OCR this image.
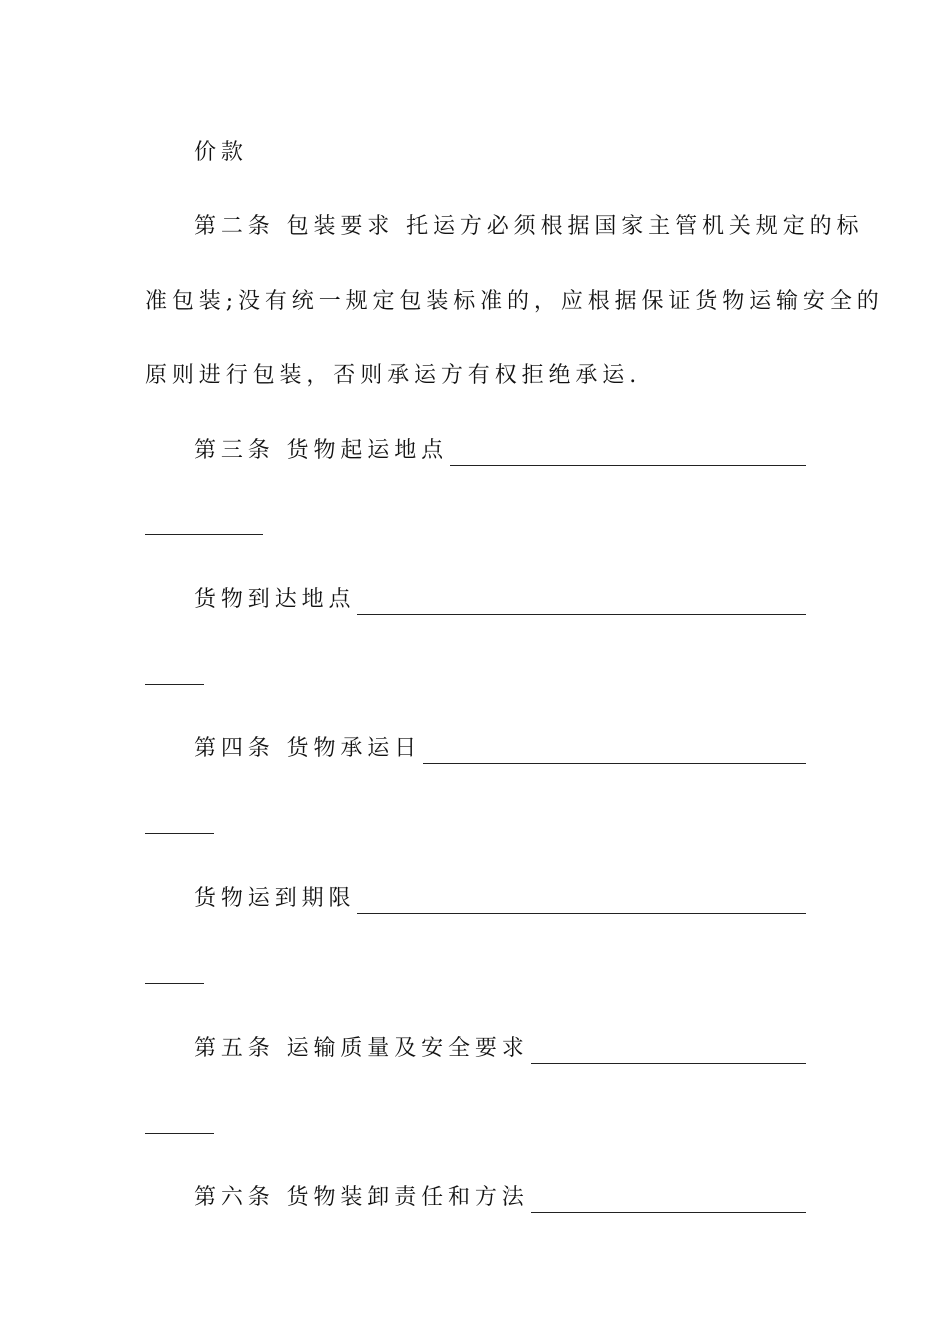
价款
第二条 包装要求 托运方必须根据国家主管机关规定的标
准包装;没有统一规定包装标准的，应根据保证货物运输安全的
原则进行包装，否则承运方有权拒绝承运.
第三条 货物起运地点
货物到达地点
第四条 货物承运日
货物运到期限
第五条 运输质量及安全要求
第六条 货物装卸责任和方法
